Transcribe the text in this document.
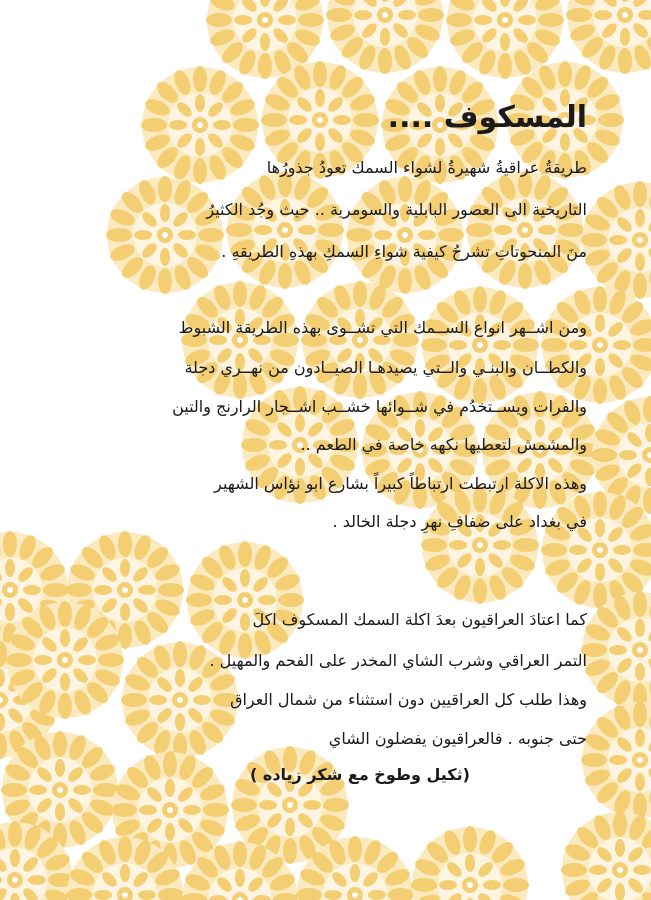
المسكوف ....

طريقةُ عراقيةُ شهيرةُ لشواء السمك تعودُ جذورُها

التاريخية الى العصور البابلية والسومرية .. حيث وجُد الكثيرُ

منَ المنحوتاتِ تشرحُ كيفية شواءِ السمكِ بهذهِ الطريقهِ .

ومن اشــهر انواع الســمك التي تشــوى بهذه الطريقة الشبوط

والكطــان والبنـي والــتي يصيدهـا الصيــادون من نهــري دجلة

والفرات ويســتخدُم في شــوائها خشــب اشــجار الرارنج والتين

والمشمش لتعطيها نكهه خاصة في الطعم ..

وهذه الاكلة ارتبطت ارتباطاً كبيراً بشارع ابو نؤاس الشهير

في بغداد على ضفافِ نهرِ دجلة الخالد .

كما اعتادَ العراقيون بعدَ اكلة السمك المسكوف اكلَ

التمر العراقي وشرب الشاي المخدر على الفحم والمهيل .

وهذا طلب كل العراقيين دون استثناء من شمال العراق

حتى جنوبه . فالعراقيون يفضلون الشاي

(ثكيل وطوخ مع شكر زياده )
